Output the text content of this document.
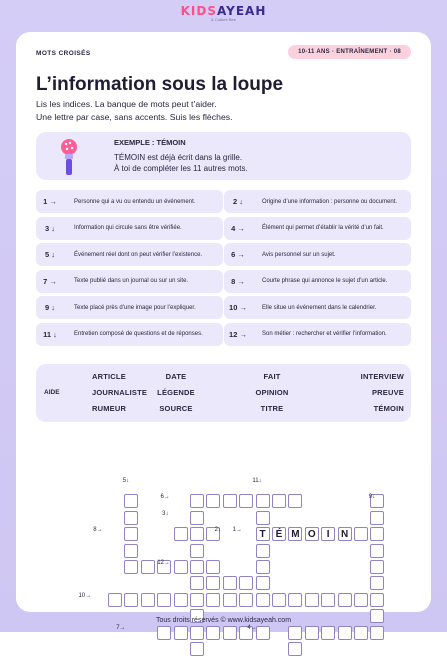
KIDSAYEAH
& Culture Bee
MOTS CROISÉS	10-11 ANS · ENTRAÎNEMENT · 08
L’information sous la loupe
Lis les indices. La banque de mots peut t’aider.
Une lettre par case, sans accents. Suis les flèches.
EXEMPLE : TÉMOIN
TÉMOIN est déjà écrit dans la grille.
À toi de compléter les 11 autres mots.
1 →	Personne qui a vu ou entendu un événement.	2 ↓	Origine d’une information : personne ou document.
3 ↓	Information qui circule sans être vérifiée.	4 →	Élément qui permet d’établir la vérité d’un fait.
5 ↓	Événement réel dont on peut vérifier l’existence.	6 →	Avis personnel sur un sujet.
7 →	Texte publié dans un journal ou sur un site.	8 →	Courte phrase qui annonce le sujet d’un article.
9 ↓	Texte placé près d’une image pour l’expliquer.	10 →	Elle situe un événement dans le calendrier.
11 ↓	Entretien composé de questions et de réponses.	12 →	Son métier : rechercher et vérifier l’information.
AIDE
ARTICLE	DATE	FAIT	INTERVIEW
JOURNALISTE	LÉGENDE	OPINION	PREUVE
RUMEUR	SOURCE	TITRE	TÉMOIN
T	É M O	I	N
5↓	11↓
6→	9↓
3↓
8→	2↓ 1→
12→
10→
7→	4→
Tous droits réservés © www.kidsayeah.com
